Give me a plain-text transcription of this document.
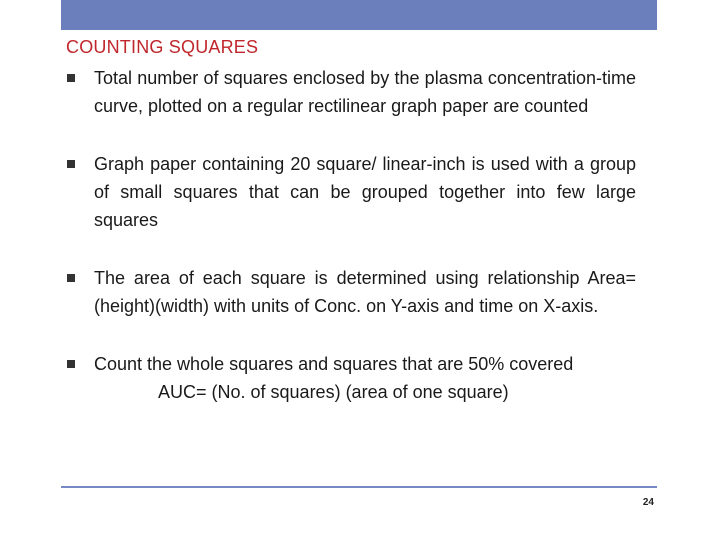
COUNTING SQUARES
Total number of squares enclosed by the plasma concentration-time curve, plotted on a regular rectilinear graph paper are counted
Graph paper containing 20 square/ linear-inch is used with a group of small squares that can be grouped together into few large squares
The area of each square is determined using relationship Area= (height)(width) with units of Conc. on Y-axis and time on X-axis.
Count the whole squares and squares that are 50% covered
AUC= (No. of squares) (area of one square)
24
